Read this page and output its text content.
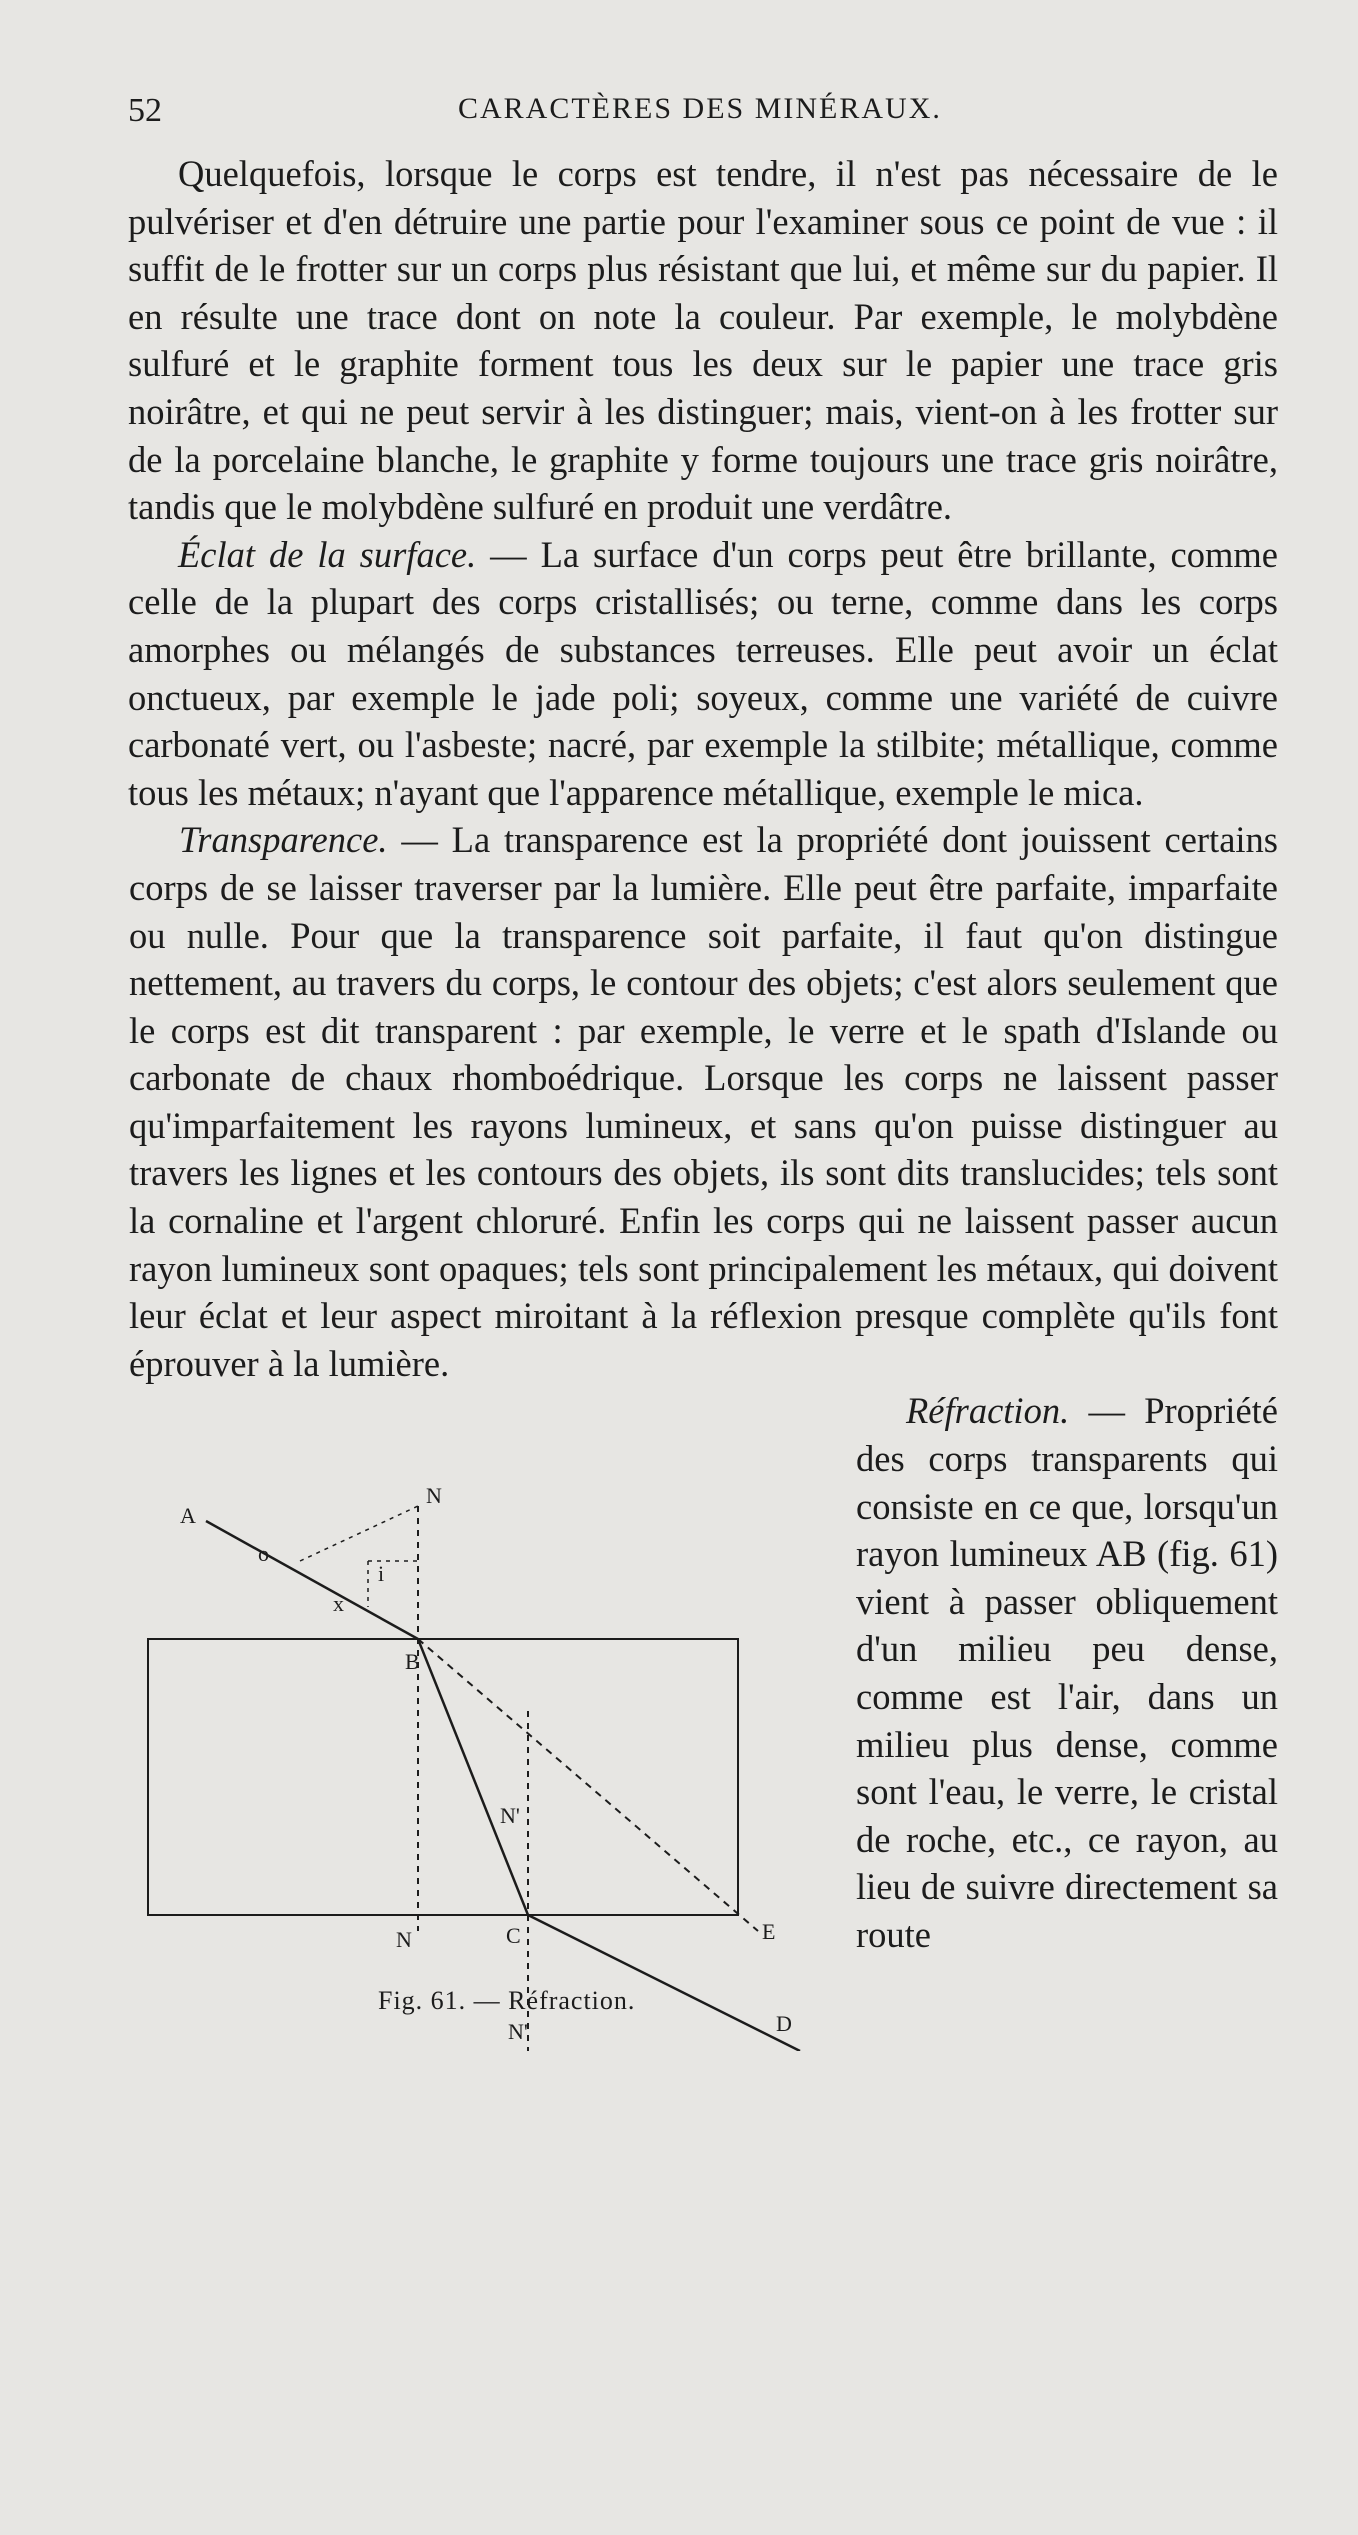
52	CARACTÈRES DES MINÉRAUX.

Quelquefois, lorsque le corps est tendre, il n'est pas nécessaire de le pulvériser et d'en détruire une partie pour l'examiner sous ce point de vue : il suffit de le frotter sur un corps plus résistant que lui, et même sur du papier. Il en résulte une trace dont on note la couleur. Par exemple, le molybdène sulfuré et le graphite forment tous les deux sur le papier une trace gris noirâtre, et qui ne peut servir à les distinguer; mais, vient-on à les frotter sur de la porcelaine blanche, le graphite y forme toujours une trace gris noirâtre, tandis que le molybdène sulfuré en produit une verdâtre.

Éclat de la surface. — La surface d'un corps peut être brillante, comme celle de la plupart des corps cristallisés; ou terne, comme dans les corps amorphes ou mélangés de substances terreuses. Elle peut avoir un éclat onctueux, par exemple le jade poli; soyeux, comme une variété de cuivre carbonaté vert, ou l'asbeste; nacré, par exemple la stilbite; métallique, comme tous les métaux; n'ayant que l'apparence métallique, exemple le mica.

A
o
i
x
N
B
N'
C
N	E
N'	D
Fig. 61. — Réfraction.
Transparence. — La transparence est la propriété dont jouissent certains corps de se laisser traverser par la lumière. Elle peut être parfaite, imparfaite ou nulle. Pour que la transparence soit parfaite, il faut qu'on distingue nettement, au travers du corps, le contour des objets; c'est alors seulement que le corps est dit transparent : par exemple, le verre et le spath d'Islande ou carbonate de chaux rhomboédrique. Lorsque les corps ne laissent passer qu'imparfaitement les rayons lumineux, et sans qu'on puisse distinguer au travers les lignes et les contours des objets, ils sont dits translucides; tels sont la cornaline et l'argent chloruré. Enfin les corps qui ne laissent passer aucun rayon lumineux sont opaques; tels sont principalement les métaux, qui doivent leur éclat et leur aspect miroitant à la réflexion presque complète qu'ils font éprouver à la lumière.

Réfraction. — Propriété des corps transparents qui consiste en ce que, lorsqu'un rayon lumineux AB (fig. 61) vient à passer obliquement d'un milieu peu dense, comme est l'air, dans un milieu plus dense, comme sont l'eau, le verre, le cristal de roche, etc., ce rayon, au lieu de suivre directement sa route
